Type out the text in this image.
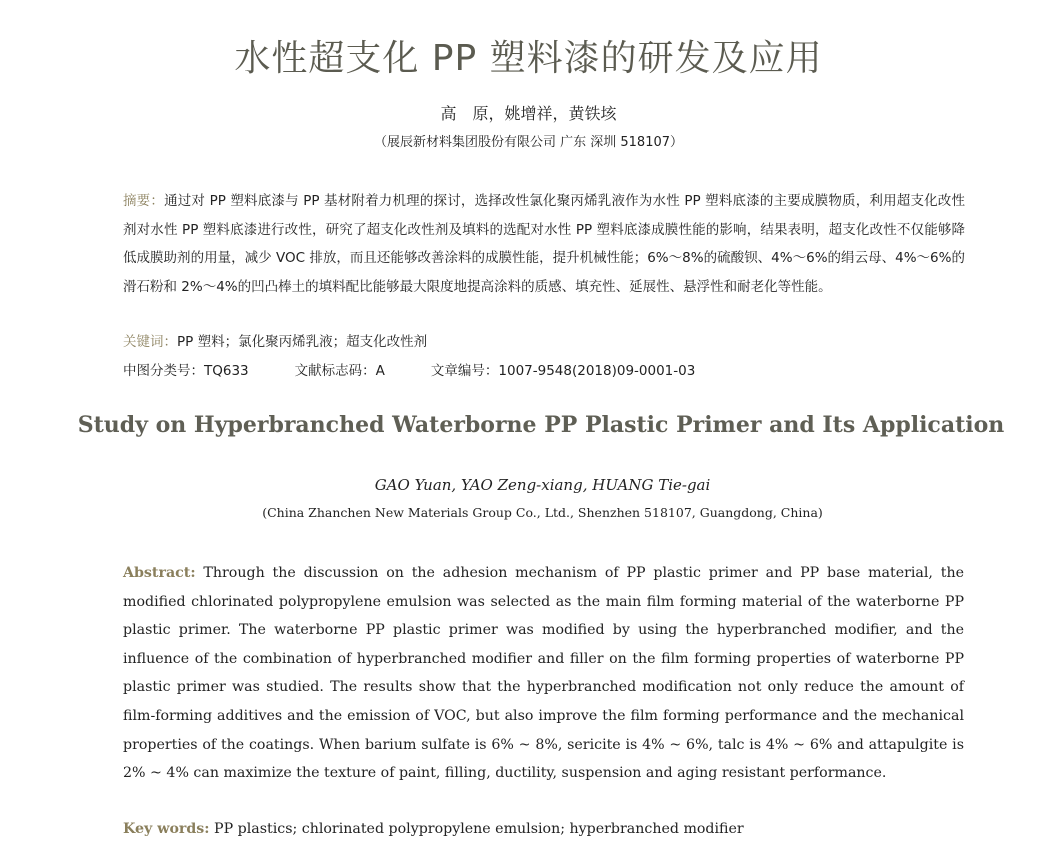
水性超支化 PP 塑料漆的研发及应用
高　原，姚增祥，黄铁垓
（展辰新材料集团股份有限公司 广东 深圳 518107）
摘要：通过对 PP 塑料底漆与 PP 基材附着力机理的探讨，选择改性氯化聚丙烯乳液作为水性 PP 塑料底漆的主要成膜物质，利用超支化改性剂对水性 PP 塑料底漆进行改性，研究了超支化改性剂及填料的选配对水性 PP 塑料底漆成膜性能的影响，结果表明，超支化改性不仅能够降低成膜助剂的用量，减少 VOC 排放，而且还能够改善涂料的成膜性能，提升机械性能；6%～8%的硫酸钡、4%～6%的绢云母、4%～6%的滑石粉和 2%～4%的凹凸棒土的填料配比能够最大限度地提高涂料的质感、填充性、延展性、悬浮性和耐老化等性能。
关键词：PP 塑料；氯化聚丙烯乳液；超支化改性剂
中图分类号：TQ633	文献标志码：A	文章编号：1007-9548(2018)09-0001-03
Study on Hyperbranched Waterborne PP Plastic Primer and Its Application
GAO Yuan, YAO Zeng-xiang, HUANG Tie-gai
(China Zhanchen New Materials Group Co., Ltd., Shenzhen 518107, Guangdong, China)
Abstract: Through the discussion on the adhesion mechanism of PP plastic primer and PP base material, the modified chlorinated polypropylene emulsion was selected as the main film forming material of the waterborne PP plastic primer. The waterborne PP plastic primer was modified by using the hyperbranched modifier, and the influence of the combination of hyperbranched modifier and filler on the film forming properties of waterborne PP plastic primer was studied. The results show that the hyperbranched modification not only reduce the amount of film-forming additives and the emission of VOC, but also improve the film forming performance and the mechanical properties of the coatings. When barium sulfate is 6% ~ 8%, sericite is 4% ~ 6%, talc is 4% ~ 6% and attapulgite is 2% ~ 4% can maximize the texture of paint, filling, ductility, suspension and aging resistant performance.
Key words: PP plastics; chlorinated polypropylene emulsion; hyperbranched modifier
